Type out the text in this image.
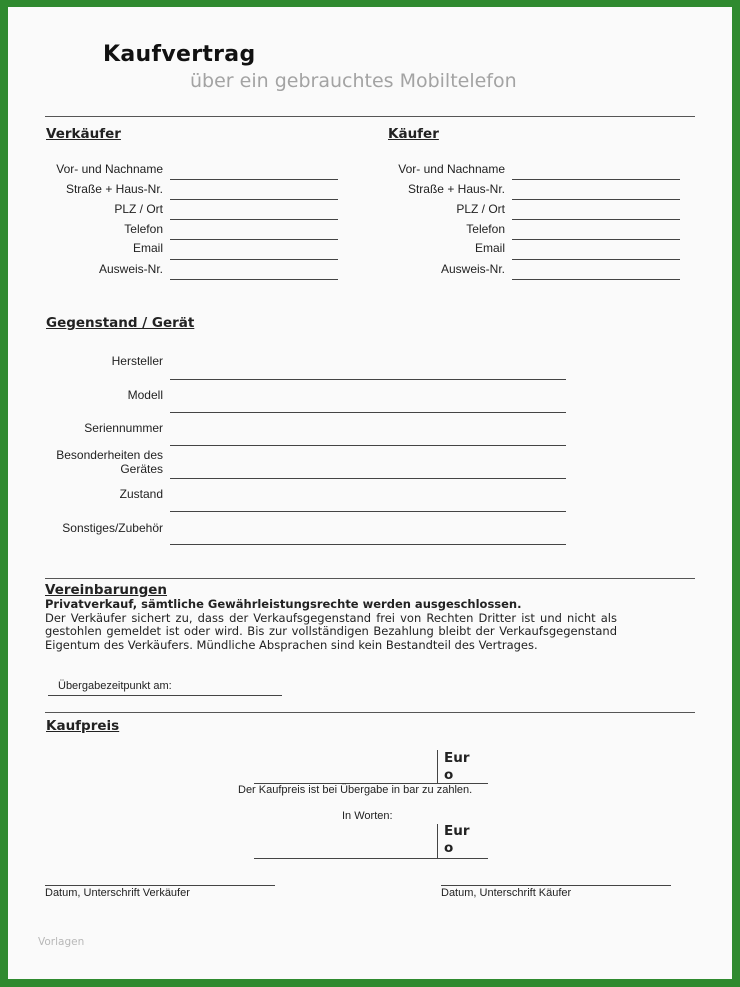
Kaufvertrag
über ein gebrauchtes Mobiltelefon
Verkäufer
Vor- und Nachname
Straße + Haus-Nr.
PLZ / Ort
Telefon
Email
Ausweis-Nr.
Käufer
Vor- und Nachname
Straße + Haus-Nr.
PLZ / Ort
Telefon
Email
Ausweis-Nr.
Gegenstand / Gerät
Hersteller
Modell
Seriennummer
Besonderheiten des
Gerätes
Zustand
Sonstiges/Zubehör
Vereinbarungen
Privatverkauf, sämtliche Gewährleistungsrechte werden ausgeschlossen.
Der Verkäufer sichert zu, dass der Verkaufsgegenstand frei von Rechten Dritter ist und nicht als gestohlen gemeldet ist oder wird. Bis zur vollständigen Bezahlung bleibt der Verkaufsgegenstand Eigentum des Verkäufers. Mündliche Absprachen sind kein Bestandteil des Vertrages.
Übergabezeitpunkt am:
Kaufpreis
Eur
o
Der Kaufpreis ist bei Übergabe in bar zu zahlen.
In Worten:
Eur
o
Datum, Unterschrift Verkäufer	Datum, Unterschrift Käufer
Vorlagen
